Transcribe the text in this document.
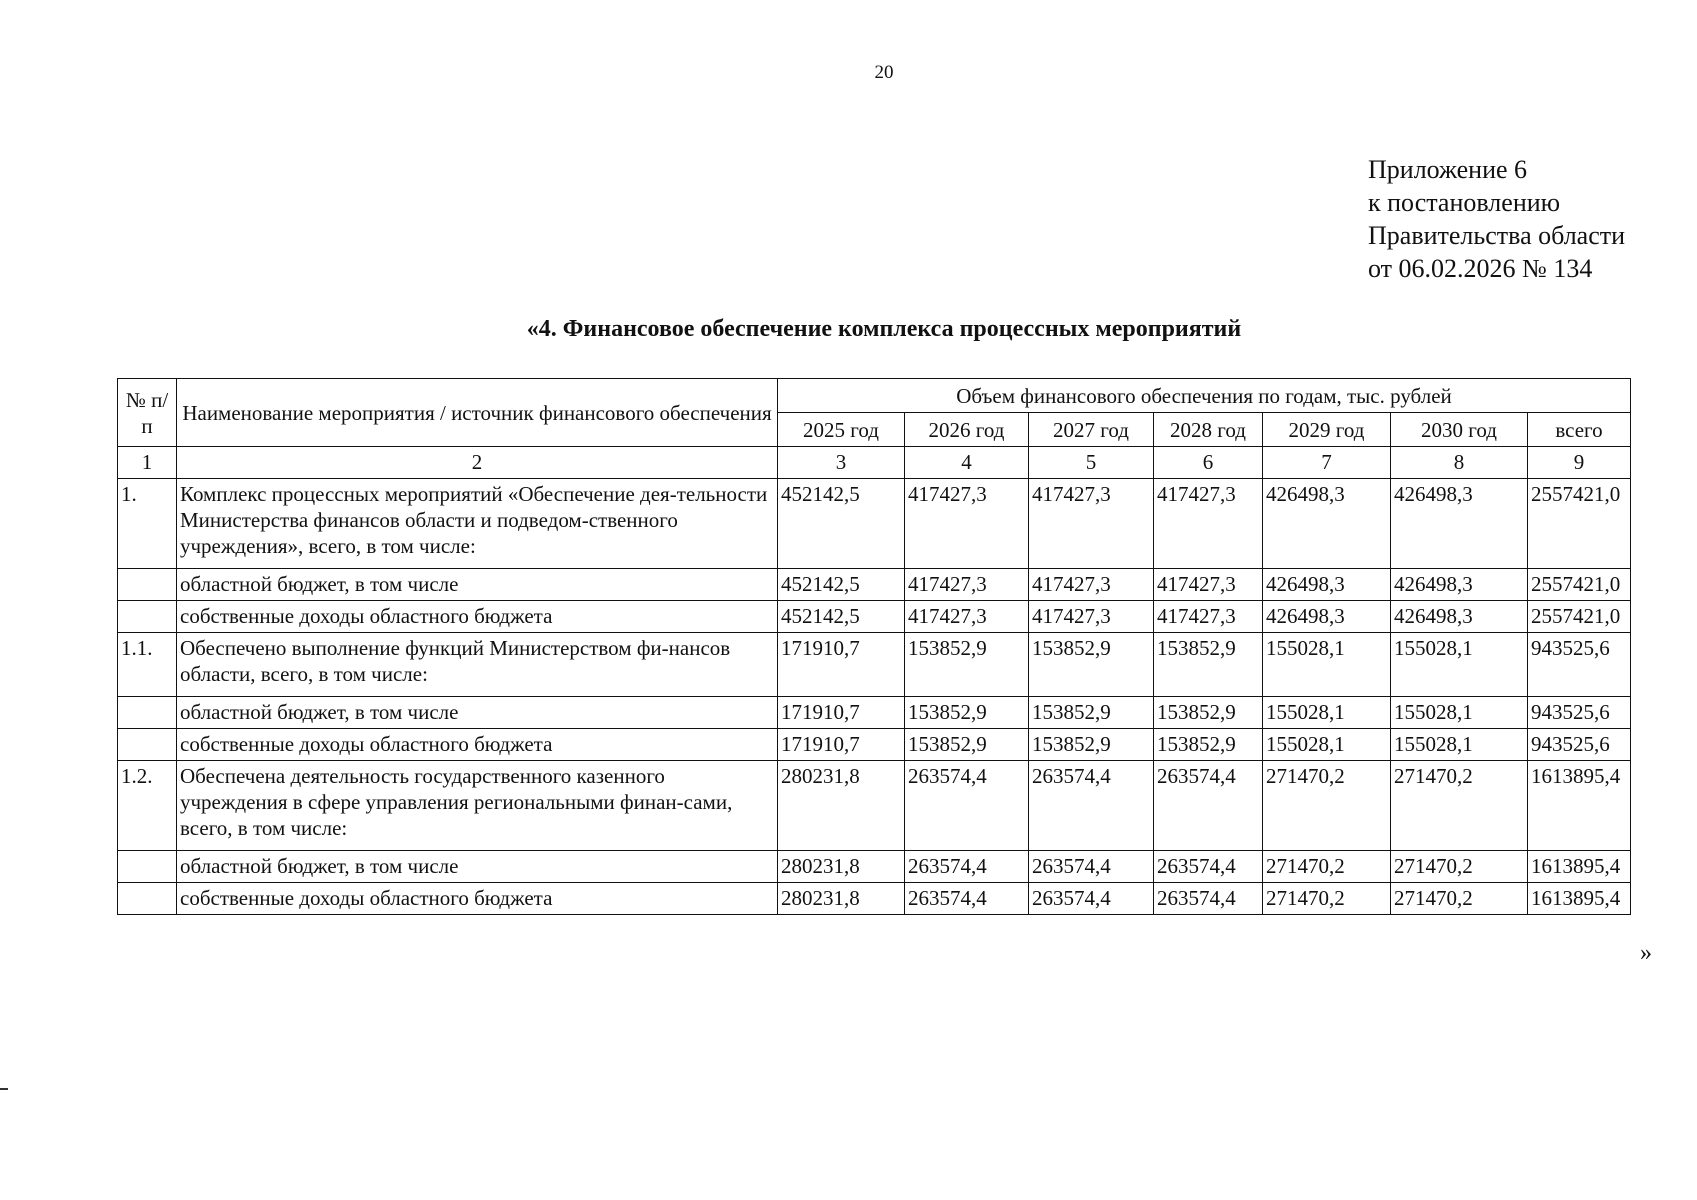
20
Приложение 6
к постановлению
Правительства области
от 06.02.2026 № 134
«4. Финансовое обеспечение комплекса процессных мероприятий
№ п/п	Наименование мероприятия / источник финансового обеспечения	Объем финансового обеспечения по годам, тыс. рублей						
		2025 год	2026 год	2027 год	2028 год	2029 год	2030 год	всего
1	2	3	4	5	6	7	8	9
1.	Комплекс процессных мероприятий «Обеспечение дея-тельности Министерства финансов области и подведом-ственного учреждения», всего, в том числе:	452142,5	417427,3	417427,3	417427,3	426498,3	426498,3	2557421,0
	областной бюджет, в том числе	452142,5	417427,3	417427,3	417427,3	426498,3	426498,3	2557421,0
	собственные доходы областного бюджета	452142,5	417427,3	417427,3	417427,3	426498,3	426498,3	2557421,0
1.1.	Обеспечено выполнение функций Министерством фи-нансов области, всего, в том числе:	171910,7	153852,9	153852,9	153852,9	155028,1	155028,1	943525,6
	областной бюджет, в том числе	171910,7	153852,9	153852,9	153852,9	155028,1	155028,1	943525,6
	собственные доходы областного бюджета	171910,7	153852,9	153852,9	153852,9	155028,1	155028,1	943525,6
1.2.	Обеспечена деятельность государственного казенного учреждения в сфере управления региональными финан-сами, всего, в том числе:	280231,8	263574,4	263574,4	263574,4	271470,2	271470,2	1613895,4
	областной бюджет, в том числе	280231,8	263574,4	263574,4	263574,4	271470,2	271470,2	1613895,4
	собственные доходы областного бюджета	280231,8	263574,4	263574,4	263574,4	271470,2	271470,2	1613895,4
»
